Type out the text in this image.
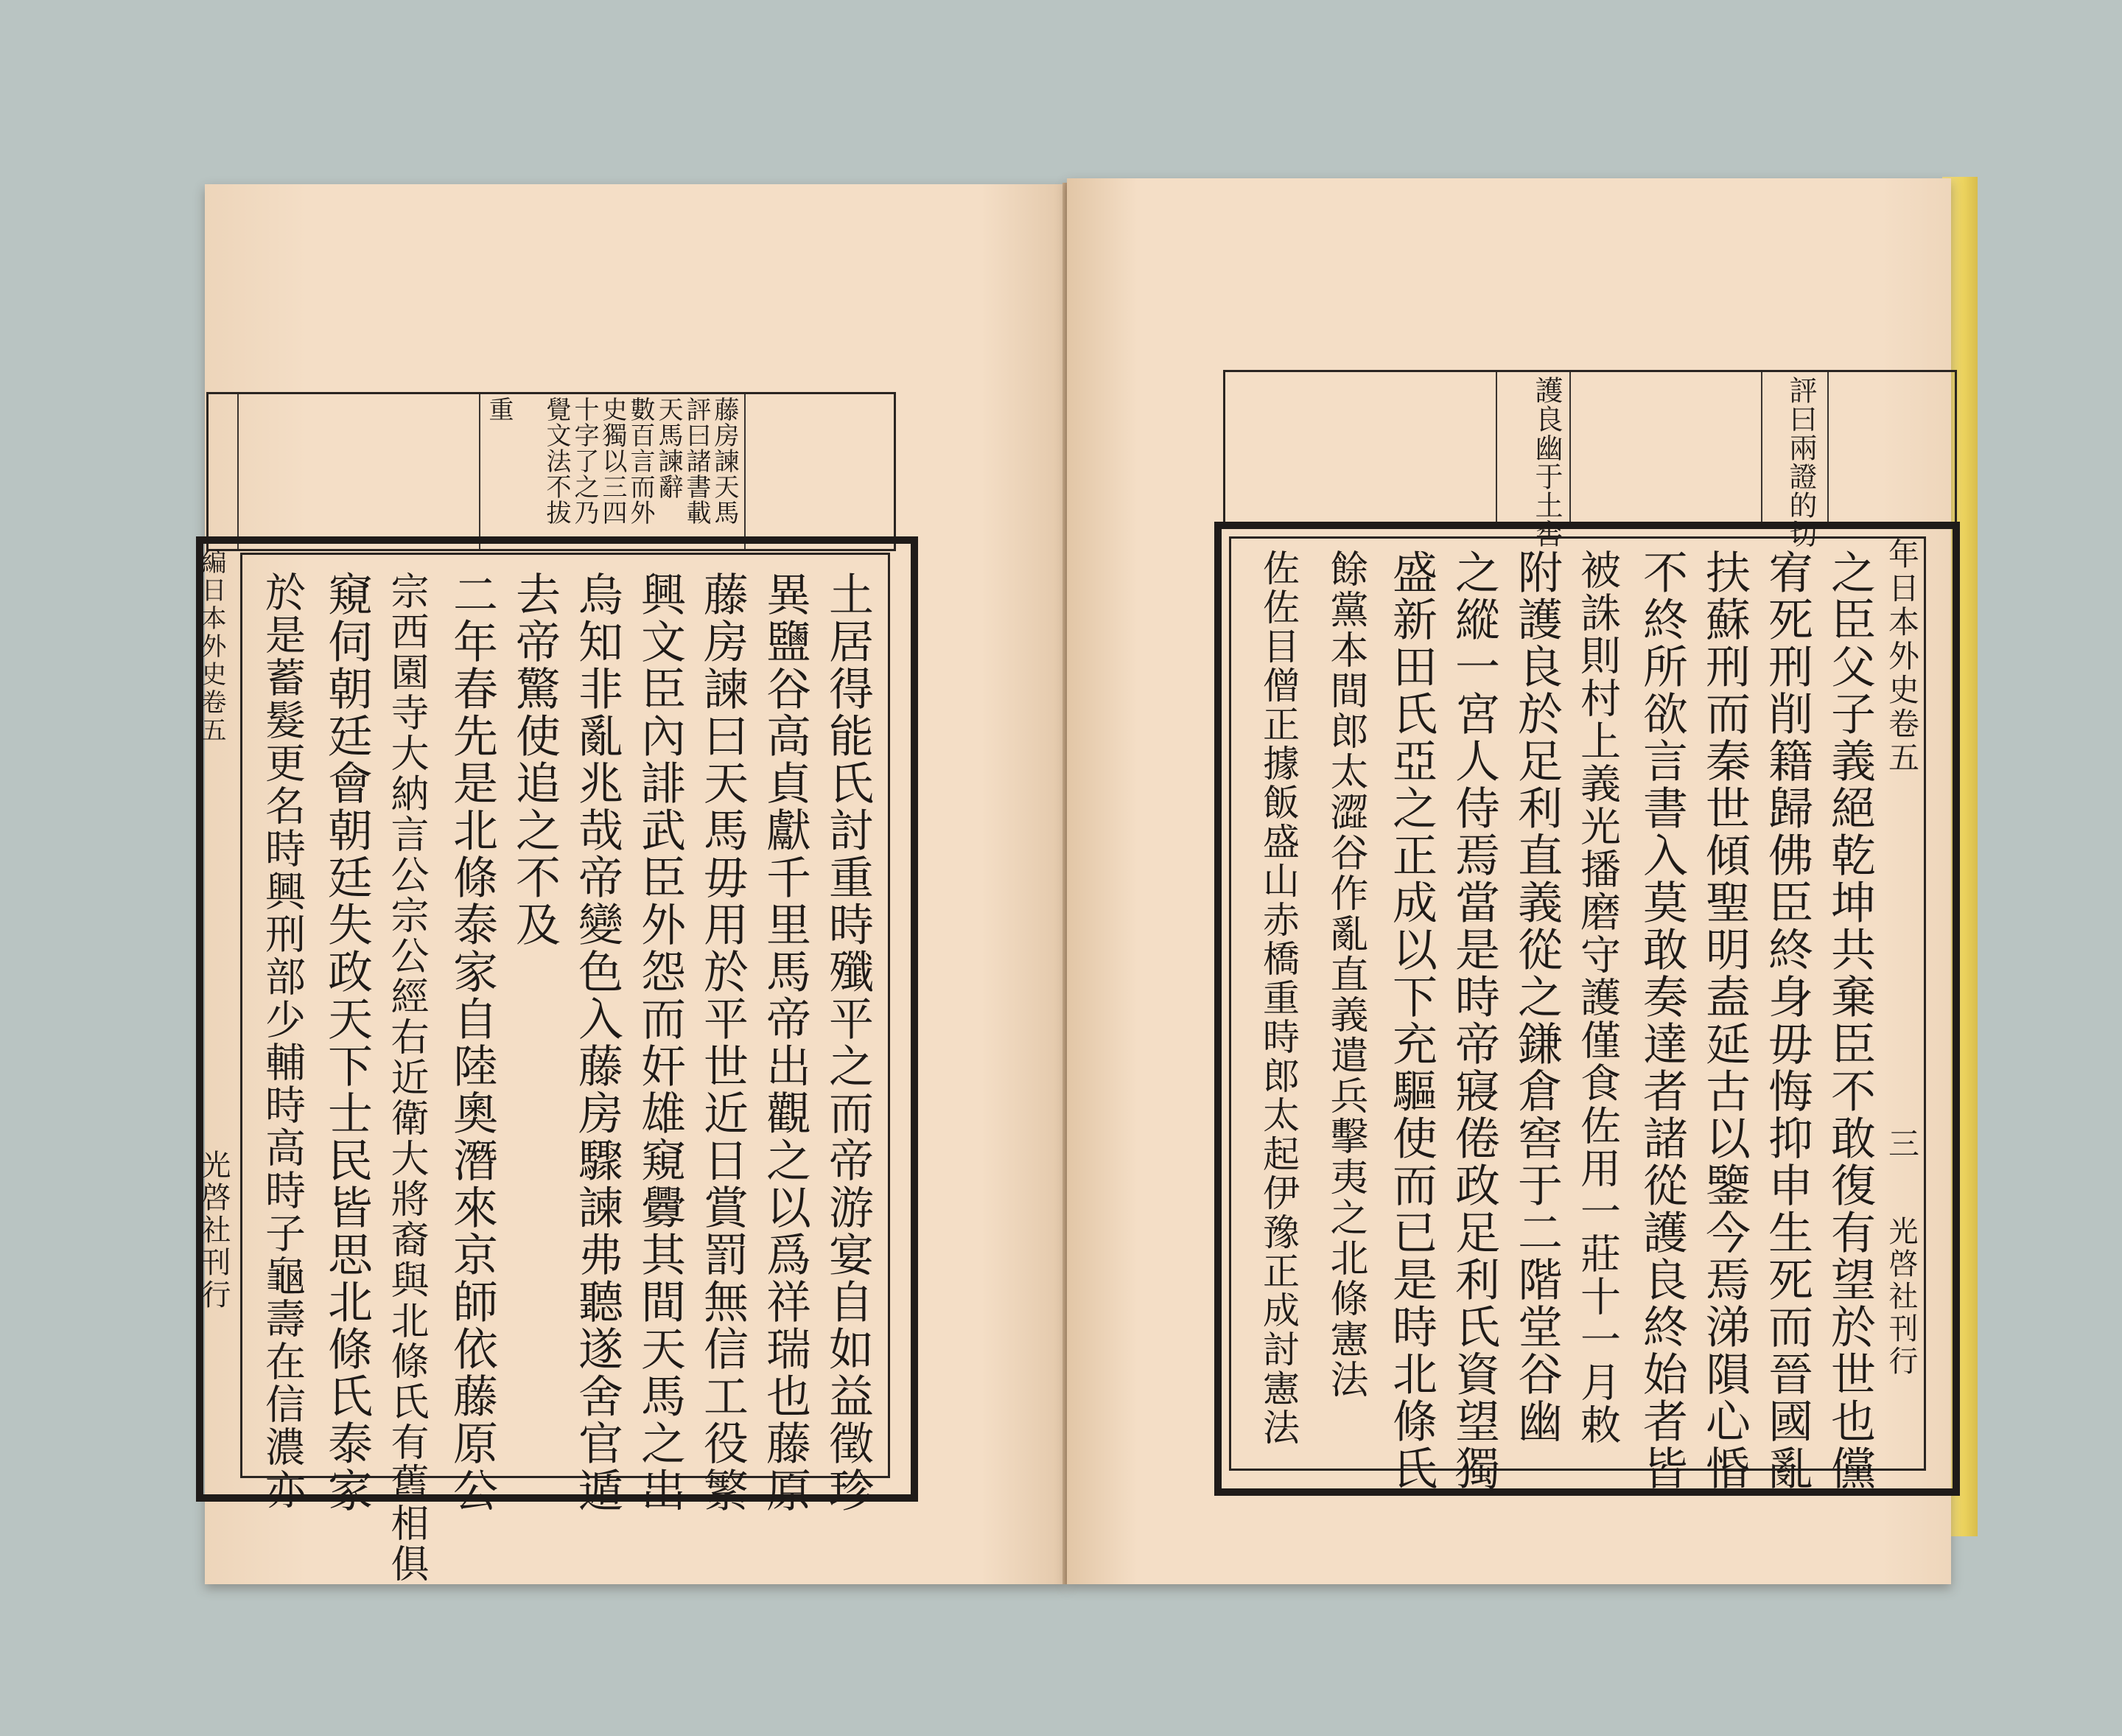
藤房諫天馬
評曰諸書載
天馬諫辭
數百言而外
史獨以三四
十字了之乃
覺文法不拔
重
編日本外史卷五
光啓社刊行	土居得能氏討重時殲平之而帝游宴自如益徵珍
異鹽谷高貞獻千里馬帝出觀之以爲祥瑞也藤原
藤房諫曰天馬毋用於平世近日賞罰無信工役繁
興文臣內誹武臣外怨而奸雄窺釁其間天馬之出
烏知非亂兆哉帝變色入藤房驟諫弗聽遂舍官遁
去帝驚使追之不及
二年春先是北條泰家自陸奧潛來京師依藤原公
宗西園寺大納言公宗公經右近衛大將裔與北條氏有舊相俱
窺伺朝廷會朝廷失政天下士民皆思北條氏泰家
於是蓄髮更名時興刑部少輔時高時子龜壽在信濃亦
評曰兩證的切
護良幽于土窖
年日本外史卷五
三
光啓社刊行
之臣父子義絕乾坤共棄臣不敢復有望於世也儻
宥死刑削籍歸佛臣終身毋悔抑申生死而晉國亂
扶蘇刑而秦世傾聖明盍延古以鑒今焉涕隕心惛
不終所欲言書入莫敢奏達者諸從護良終始者皆
被誅則村上義光播磨守護僅食佐用一莊十一月敕
附護良於足利直義從之鎌倉窖于二階堂谷幽
之縱一宮人侍焉當是時帝寢倦政足利氏資望獨
盛新田氏亞之正成以下充驅使而已是時北條氏
餘黨本間郎太澀谷作亂直義遣兵擊夷之北條憲法
佐佐目僧正據飯盛山赤橋重時郎太起伊豫正成討憲法
